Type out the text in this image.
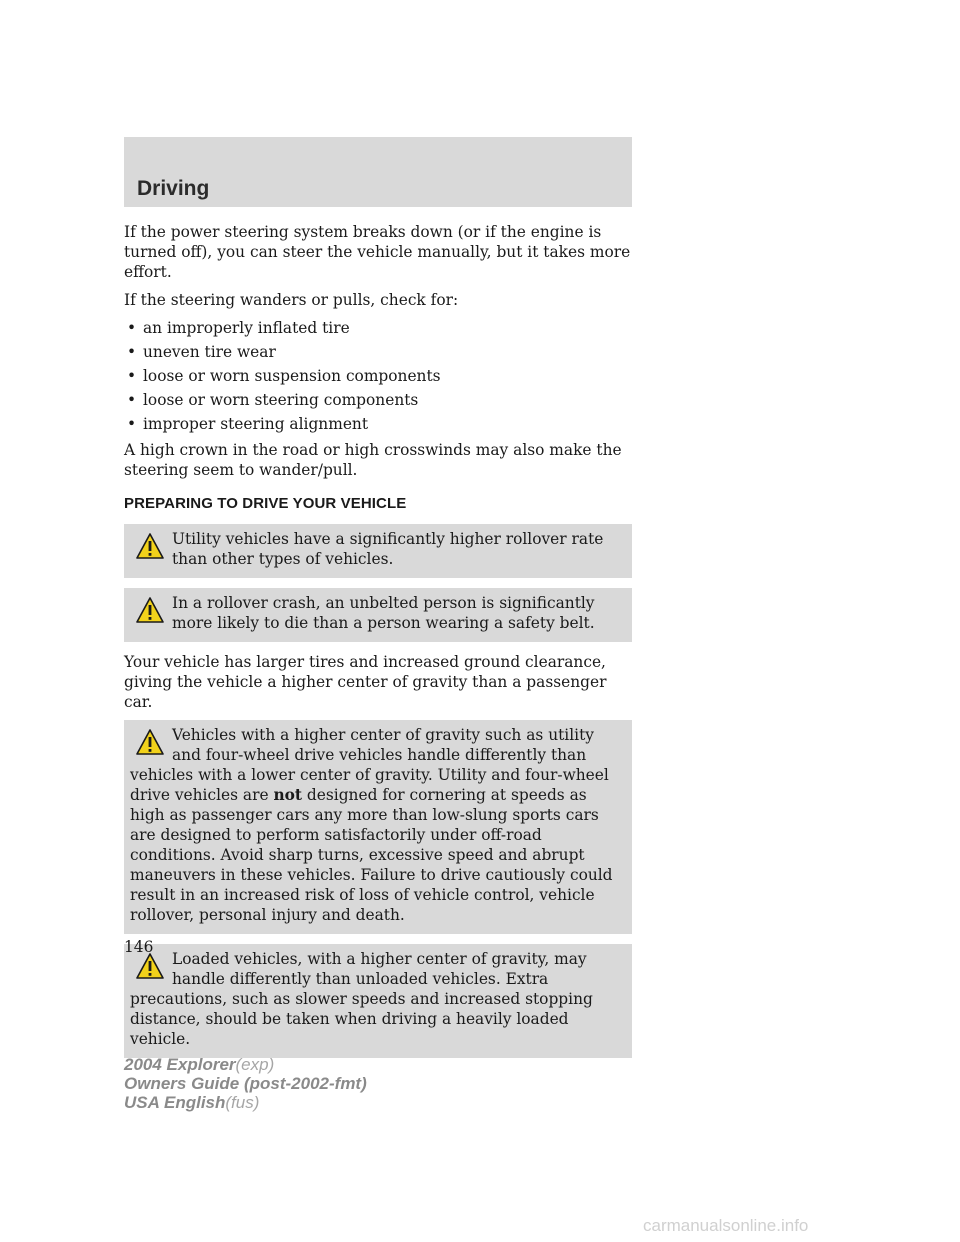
Driving

If the power steering system breaks down (or if the engine is turned off), you can steer the vehicle manually, but it takes more effort.

If the steering wanders or pulls, check for:

• an improperly inflated tire
• uneven tire wear
• loose or worn suspension components
• loose or worn steering components
• improper steering alignment

A high crown in the road or high crosswinds may also make the steering seem to wander/pull.

PREPARING TO DRIVE YOUR VEHICLE

Utility vehicles have a significantly higher rollover rate than other types of vehicles.

In a rollover crash, an unbelted person is significantly more likely to die than a person wearing a safety belt.

Your vehicle has larger tires and increased ground clearance, giving the vehicle a higher center of gravity than a passenger car.

Vehicles with a higher center of gravity such as utility and four-wheel drive vehicles handle differently than vehicles with a lower center of gravity. Utility and four-wheel drive vehicles are not designed for cornering at speeds as high as passenger cars any more than low-slung sports cars are designed to perform satisfactorily under off-road conditions. Avoid sharp turns, excessive speed and abrupt maneuvers in these vehicles. Failure to drive cautiously could result in an increased risk of loss of vehicle control, vehicle rollover, personal injury and death.

Loaded vehicles, with a higher center of gravity, may handle differently than unloaded vehicles. Extra precautions, such as slower speeds and increased stopping distance, should be taken when driving a heavily loaded vehicle.

146
2004 Explorer(exp)
Owners Guide (post-2002-fmt)
USA English(fus)
carmanualsonline.info
